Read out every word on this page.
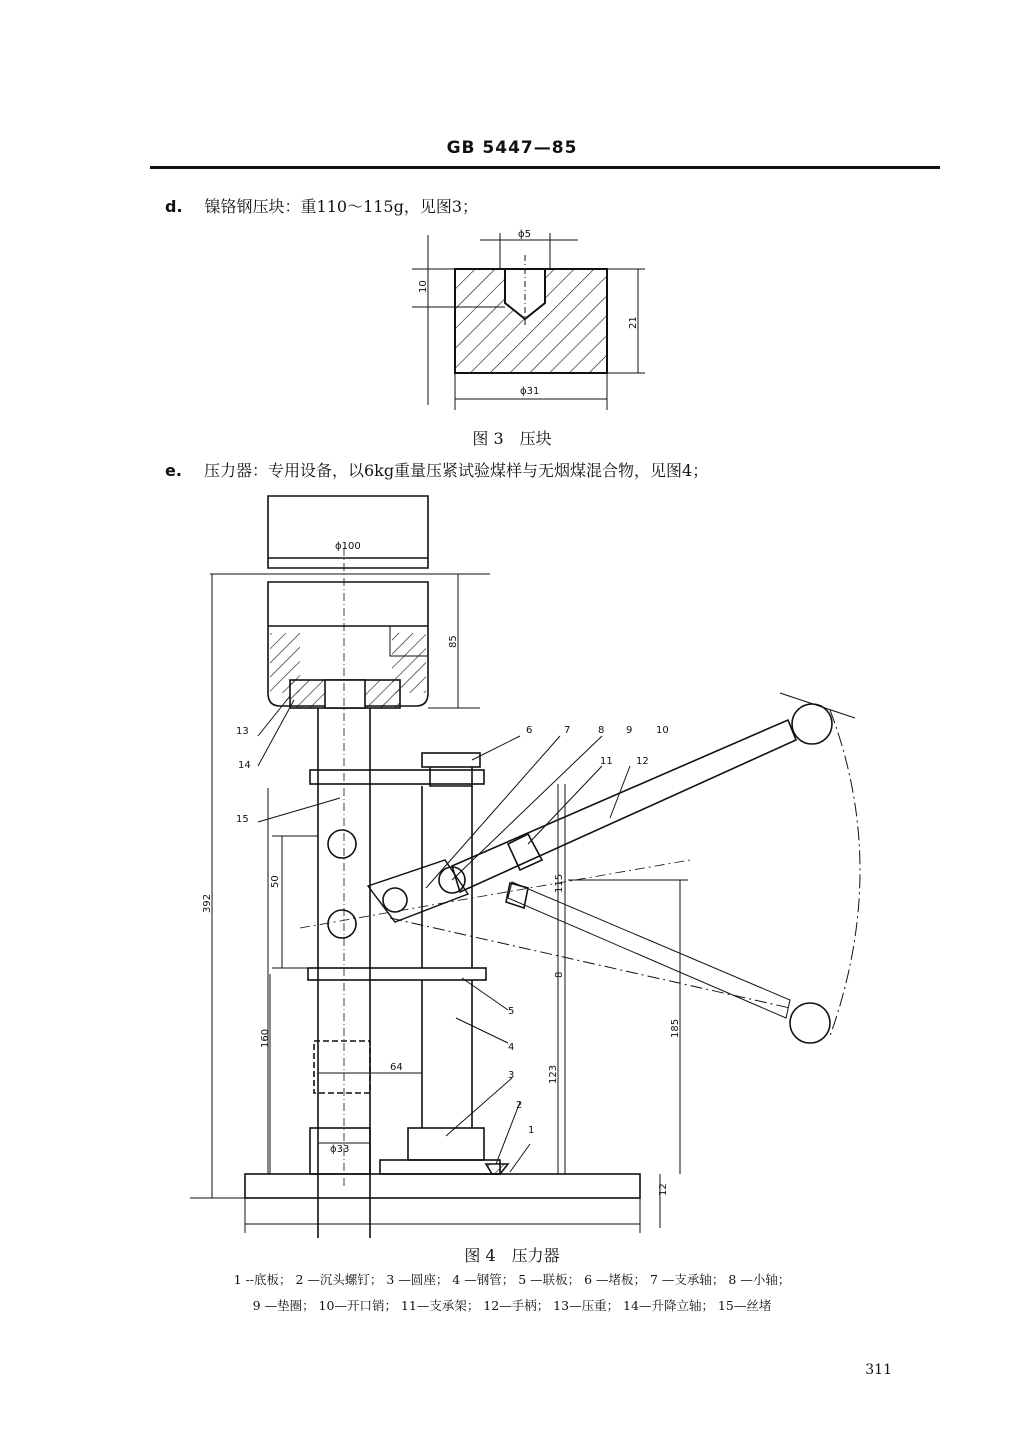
GB 5447—85
d. 镍铬钢压块：重110～115g，见图3；
ϕ5
10
21
ϕ31
图 3　压块
e. 压力器：专用设备，以6kg重量压紧试验煤样与无烟煤混合物，见图4；
ϕ100
85
392
50	115
8
160
64	123
185
ϕ33
12
1
2
3
4
5
6	7	8 9 10
11 12
13
14
15
图 4　压力器
1 --底板； 2 —沉头螺钉； 3 —圆座； 4 —钢管； 5 —联板； 6 —堵板； 7 —支承轴； 8 —小轴；
9 —垫圈； 10—开口销； 11—支承架； 12—手柄； 13—压重； 14—升降立轴； 15—丝堵
311
